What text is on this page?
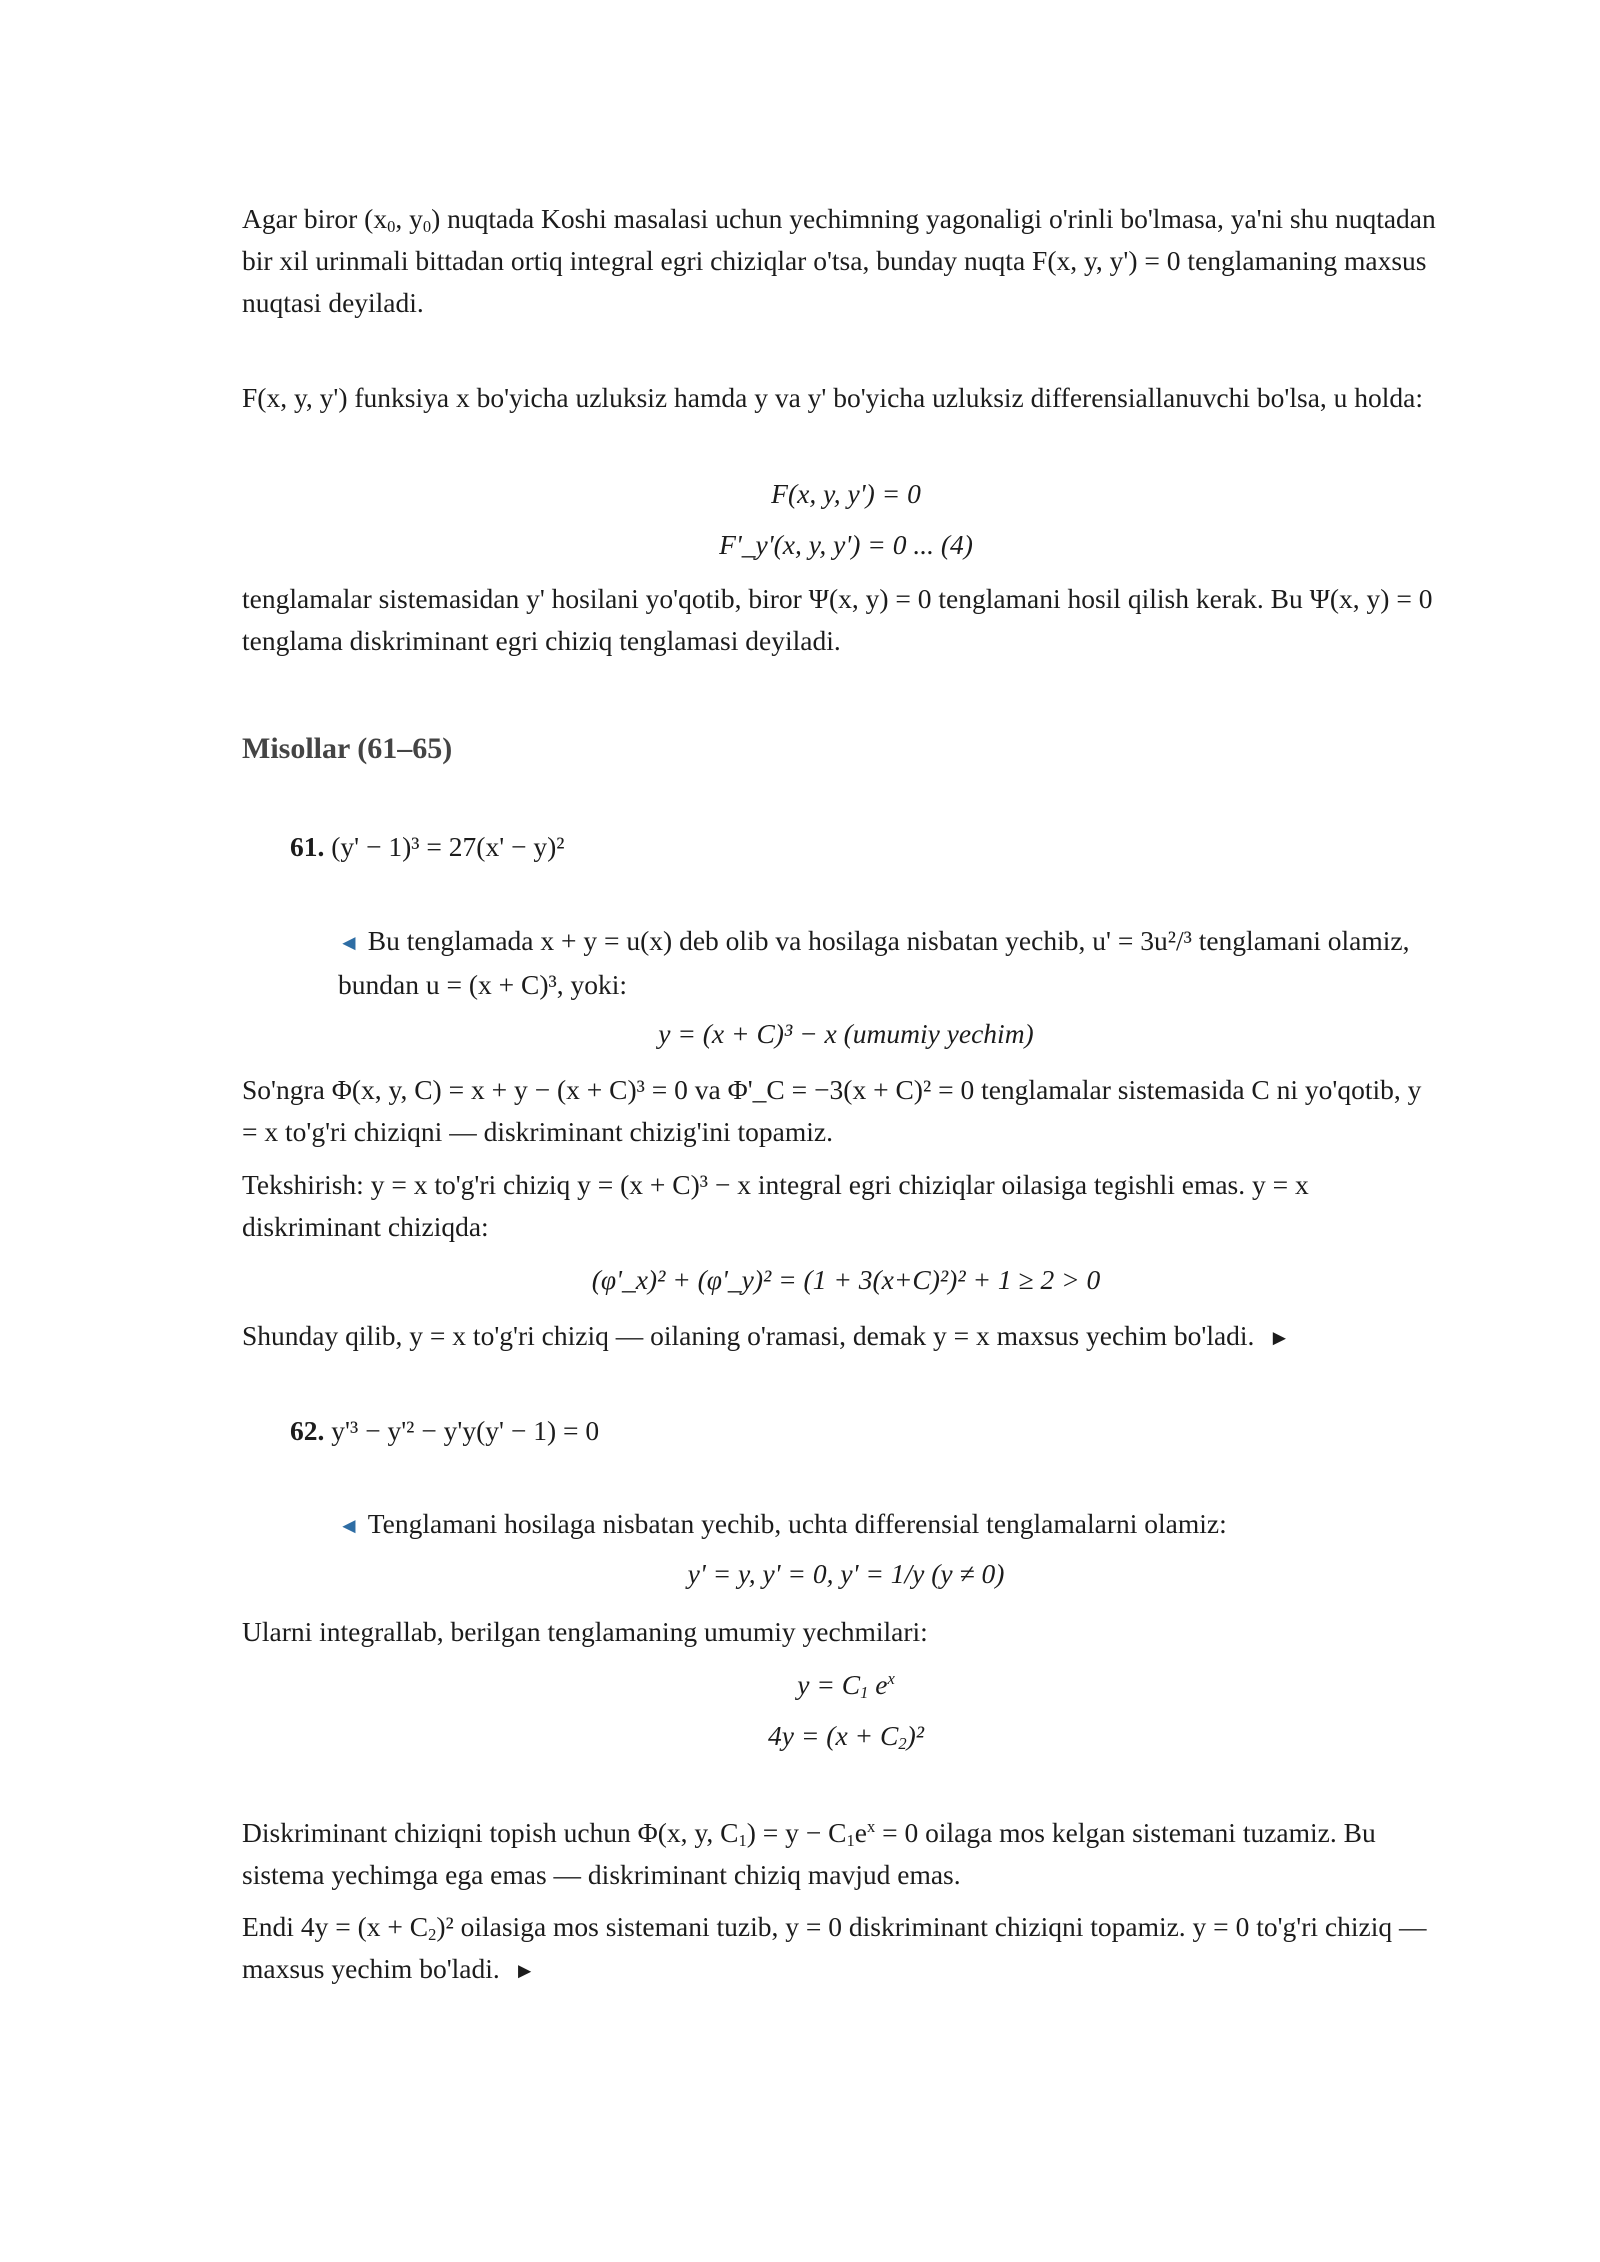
Agar biror ($x_0$, $y_0$) nuqtada Koshi masalasi uchun yechimning yagonaligi o'rinli bo'lmasa, ya'ni shu nuqtadan bir xil urinmali bittadan ortiq integral egri chiziqlar o'tsa, bunday nuqta F(x, y, y') = 0 tenglamaning maxsus nuqtasi deyiladi.

F(x, y, y') funksiya x bo'yicha uzluksiz hamda y va y' bo'yicha uzluksiz differensiallanuvchi bo'lsa, u holda:

F(x, y, y') = 0

F'_y'(x, y, y') = 0 ... (4)

tenglamalar sistemasidan y' hosilani yo'qotib, biror Ψ(x, y) = 0 tenglamani hosil qilish kerak. Bu Ψ(x, y) = 0 tenglama diskriminant egri chiziq tenglamasi deyiladi.

Misollar (61–65)

61. (y' − 1)³ = 27(x' − y)²

◄ Bu tenglamada x + y = u(x) deb olib va hosilaga nisbatan yechib, u' = 3u²/³ tenglamani olamiz, bundan u = (x + C)³, yoki:

y = (x + C)³ − x (umumiy yechim)

So'ngra Φ(x, y, C) = x + y − (x + C)³ = 0 va Φ'_C = −3(x + C)² = 0 tenglamalar sistemasida C ni yo'qotib, y = x to'g'ri chiziqni — diskriminant chizig'ini topamiz.

Tekshirish: y = x to'g'ri chiziq y = (x + C)³ − x integral egri chiziqlar oilasiga tegishli emas. y = x diskriminant chiziqda:

(φ'_x)² + (φ'_y)² = (1 + 3(x+C)²)² + 1 ≥ 2 > 0

Shunday qilib, y = x to'g'ri chiziq — oilaning o'ramasi, demak y = x maxsus yechim bo'ladi. ►

62. y'³ − y'² − y'y(y' − 1) = 0

◄ Tenglamani hosilaga nisbatan yechib, uchta differensial tenglamalarni olamiz:

y' = y, y' = 0, y' = 1/y (y ≠ 0)

Ularni integrallab, berilgan tenglamaning umumiy yechmilari:

$y = C_1$ $e^x$

$4y = (x + C_2)^2$

Diskriminant chiziqni topish uchun Φ(x, y, $C_1) = y - C_1e^x = 0$ oilaga mos kelgan sistemani tuzamiz. Bu sistema yechimga ega emas — diskriminant chiziq mavjud emas.

Endi $4y = (x + C_2)^2$ oilasiga mos sistemani tuzib, y = 0 diskriminant chiziqni topamiz. y = 0 to'g'ri chiziq — maxsus yechim bo'ladi. ►
